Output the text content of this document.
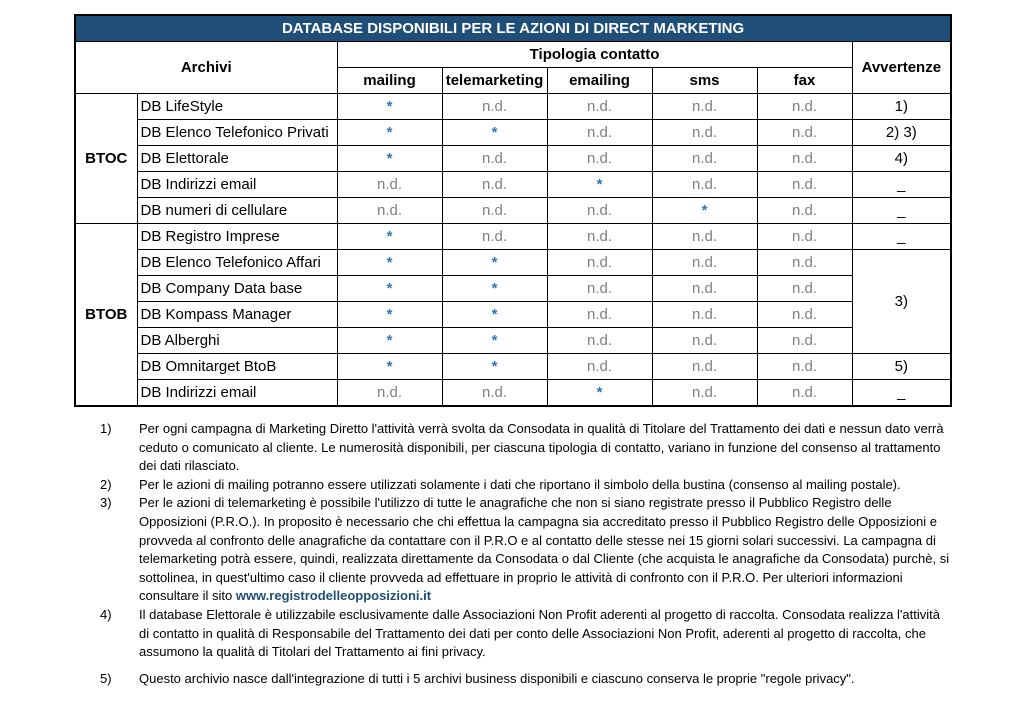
DATABASE DISPONIBILI PER LE AZIONI DI DIRECT MARKETING							
Archivi		Tipologia contatto					Avvertenze
		mailing	telemarketing	emailing	sms	fax	
BTOC	DB LifeStyle	*	n.d.	n.d.	n.d.	n.d.	1)
	DB Elenco Telefonico Privati	*	*	n.d.	n.d.	n.d.	2) 3)
	DB Elettorale	*	n.d.	n.d.	n.d.	n.d.	4)
	DB Indirizzi email	n.d.	n.d.	*	n.d.	n.d.	_
	DB numeri di cellulare	n.d.	n.d.	n.d.	*	n.d.	_
BTOB	DB Registro Imprese	*	n.d.	n.d.	n.d.	n.d.	_
	DB Elenco Telefonico Affari	*	*	n.d.	n.d.	n.d.	3)
	DB Company Data base	*	*	n.d.	n.d.	n.d.	
	DB Kompass Manager	*	*	n.d.	n.d.	n.d.	
	DB Alberghi	*	*	n.d.	n.d.	n.d.	
	DB Omnitarget BtoB	*	*	n.d.	n.d.	n.d.	5)
	DB Indirizzi email	n.d.	n.d.	*	n.d.	n.d.	_
1)	Per ogni campagna di Marketing Diretto l'attività verrà svolta da Consodata in qualità di Titolare del Trattamento dei dati e nessun dato verrà ceduto o comunicato al cliente. Le numerosità disponibili, per ciascuna tipologia di contatto, variano in funzione del consenso al trattamento dei dati rilasciato.
2)	Per le azioni di mailing potranno essere utilizzati solamente i dati che riportano il simbolo della bustina (consenso al mailing postale).
3)	Per le azioni di telemarketing è possibile l'utilizzo di tutte le anagrafiche che non si siano registrate presso il Pubblico Registro delle Opposizioni (P.R.O.). In proposito è necessario che chi effettua la campagna sia accreditato presso il Pubblico Registro delle Opposizioni e provveda al confronto delle anagrafiche da contattare con il P.R.O e al contatto delle stesse nei 15 giorni solari successivi. La campagna di telemarketing potrà essere, quindi, realizzata direttamente da Consodata o dal Cliente (che acquista le anagrafiche da Consodata) purchè, si sottolinea, in quest'ultimo caso il cliente provveda ad effettuare in proprio le attività di confronto con il P.R.O. Per ulteriori informazioni consultare il sito www.registrodelleopposizioni.it
4)	Il database Elettorale è utilizzabile esclusivamente dalle Associazioni Non Profit aderenti al progetto di raccolta. Consodata realizza l'attività di contatto in qualità di Responsabile del Trattamento dei dati per conto delle Associazioni Non Profit, aderenti al progetto di raccolta, che assumono la qualità di Titolari del Trattamento ai fini privacy.
5)	Questo archivio nasce dall'integrazione di tutti i 5 archivi business disponibili e ciascuno conserva le proprie "regole privacy".
